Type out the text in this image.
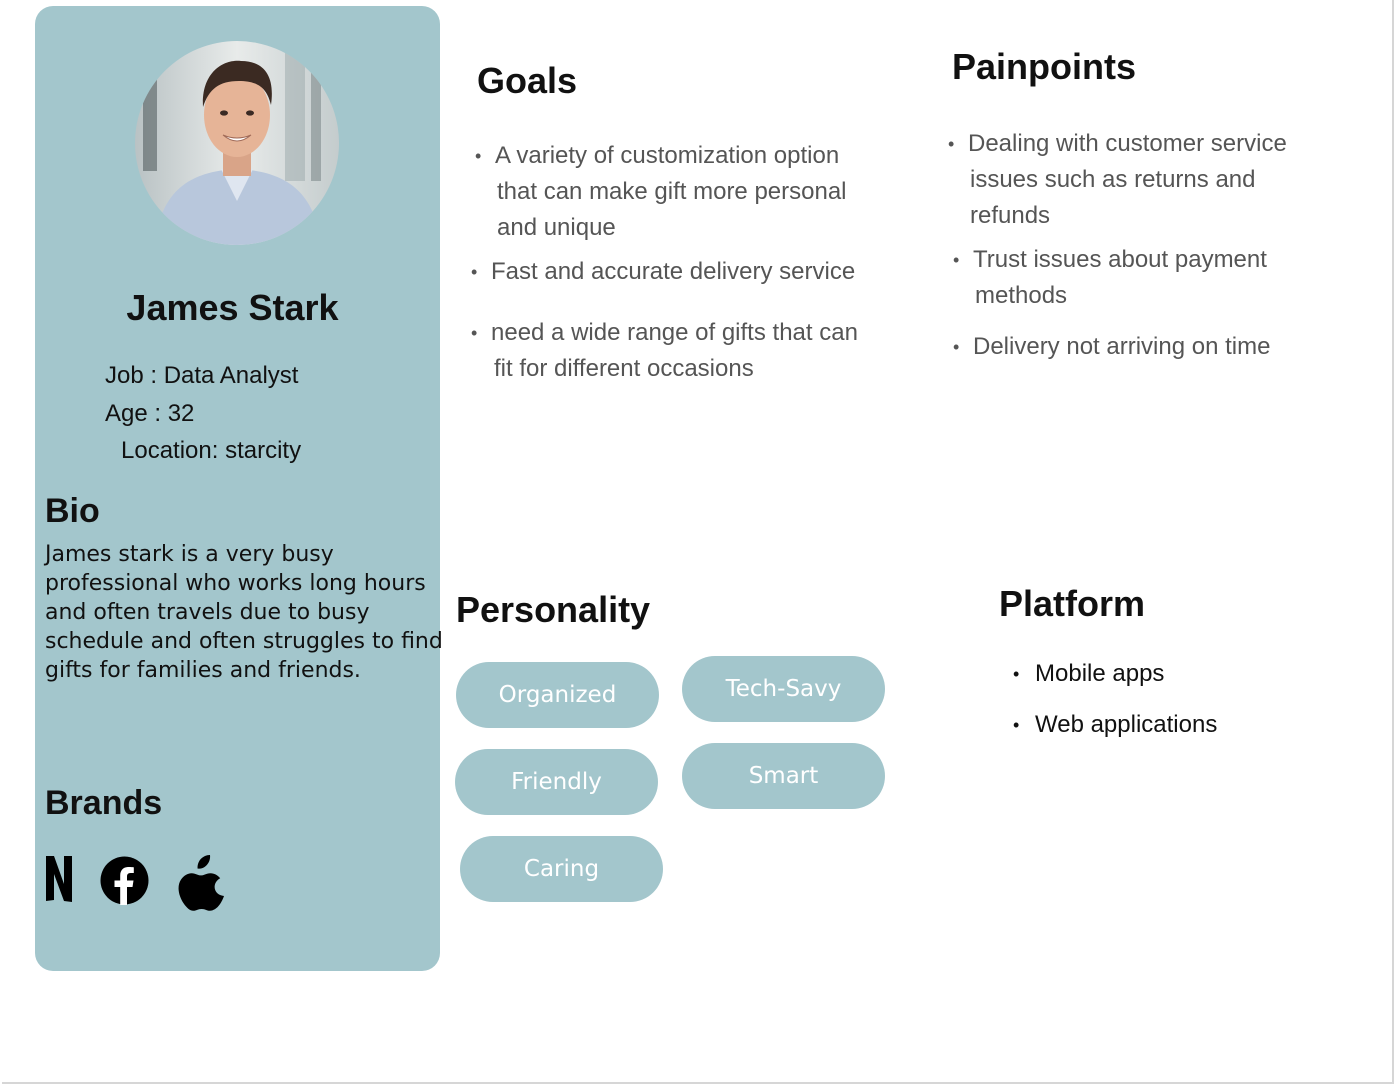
James Stark
Job : Data Analyst
Age : 32
Location: starcity
Bio

James stark is a very busy professional who works long hours and often travels due to busy schedule and often struggles to find gifts for families and friends.

Brands
Goals
• A variety of customization option
that can make gift more personal
and unique
• Fast and accurate delivery service
• need a wide range of gifts that can
fit for different occasions
Painpoints
• Dealing with customer service
issues such as returns and
refunds
• Trust issues about payment
methods
• Delivery not arriving on time
Personality
Organized	Tech-Savy
Friendly	Smart
Caring
Platform
• Mobile apps
• Web applications
